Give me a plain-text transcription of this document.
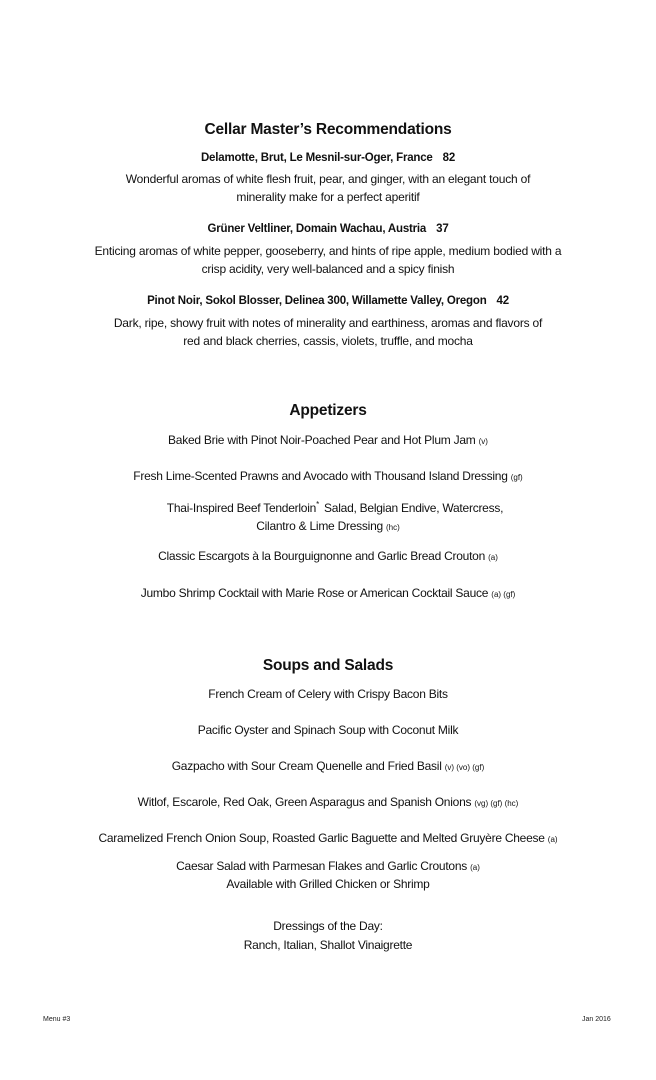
Cellar Master’s Recommendations
Delamotte, Brut, Le Mesnil-sur-Oger, France 82
Wonderful aromas of white flesh fruit, pear, and ginger, with an elegant touch of
minerality make for a perfect aperitif
Grüner Veltliner, Domain Wachau, Austria 37
Enticing aromas of white pepper, gooseberry, and hints of ripe apple, medium bodied with a
crisp acidity, very well-balanced and a spicy finish
Pinot Noir, Sokol Blosser, Delinea 300, Willamette Valley, Oregon 42
Dark, ripe, showy fruit with notes of minerality and earthiness, aromas and flavors of
red and black cherries, cassis, violets, truffle, and mocha
Appetizers
Baked Brie with Pinot Noir-Poached Pear and Hot Plum Jam (v)
Fresh Lime-Scented Prawns and Avocado with Thousand Island Dressing (gf)
Thai-Inspired Beef Tenderloin* Salad, Belgian Endive, Watercress,
Cilantro & Lime Dressing (hc)
Classic Escargots à la Bourguignonne and Garlic Bread Crouton (a)
Jumbo Shrimp Cocktail with Marie Rose or American Cocktail Sauce (a) (gf)
Soups and Salads
French Cream of Celery with Crispy Bacon Bits
Pacific Oyster and Spinach Soup with Coconut Milk
Gazpacho with Sour Cream Quenelle and Fried Basil (v) (vo) (gf)
Witlof, Escarole, Red Oak, Green Asparagus and Spanish Onions (vg) (gf) (hc)
Caramelized French Onion Soup, Roasted Garlic Baguette and Melted Gruyère Cheese (a)
Caesar Salad with Parmesan Flakes and Garlic Croutons (a)
Available with Grilled Chicken or Shrimp
Dressings of the Day:
Ranch, Italian, Shallot Vinaigrette
Menu #3	Jan 2016
